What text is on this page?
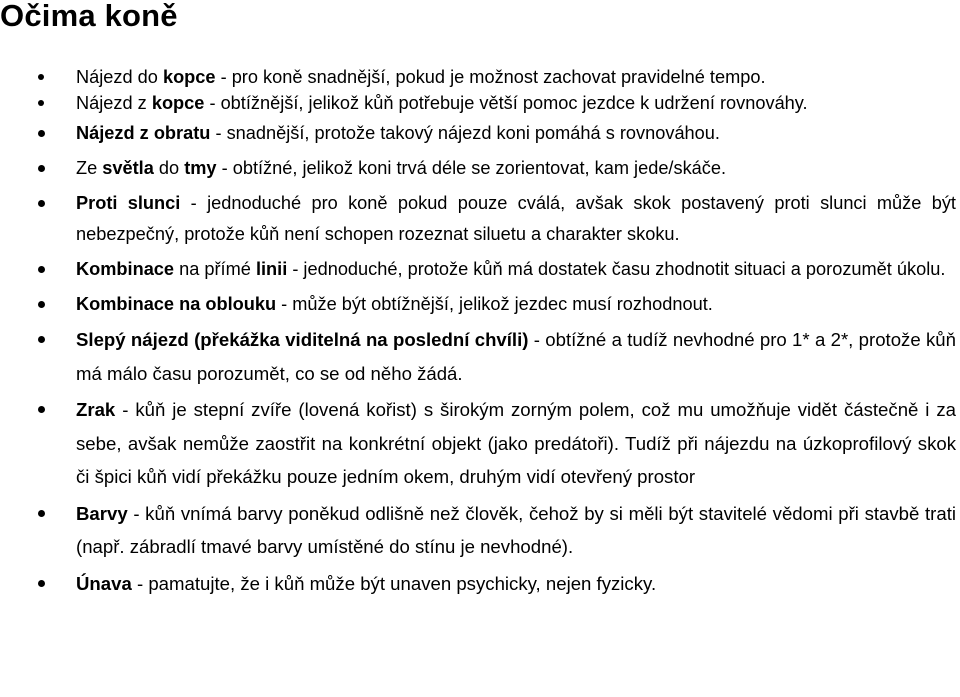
Očima koně
Nájezd do kopce - pro koně snadnější, pokud je možnost zachovat pravidelné tempo.
Nájezd z kopce - obtížnější, jelikož kůň potřebuje větší pomoc jezdce k udržení rovnováhy.
Nájezd z obratu - snadnější, protože takový nájezd koni pomáhá s rovnováhou.
Ze světla do tmy - obtížné, jelikož koni trvá déle se zorientovat, kam jede/skáče.
Proti slunci - jednoduché pro koně pokud pouze cválá, avšak skok postavený proti slunci může být nebezpečný, protože kůň není schopen rozeznat siluetu a charakter skoku.
Kombinace na přímé linii - jednoduché, protože kůň má dostatek času zhodnotit situaci a porozumět úkolu.
Kombinace na oblouku - může být obtížnější, jelikož jezdec musí rozhodnout.
Slepý nájezd (překážka viditelná na poslední chvíli) - obtížné a tudíž nevhodné pro 1* a 2*, protože kůň má málo času porozumět, co se od něho žádá.
Zrak - kůň je stepní zvíře (lovená kořist) s širokým zorným polem, což mu umožňuje vidět částečně i za sebe, avšak nemůže zaostřit na konkrétní objekt (jako predátoři). Tudíž při nájezdu na úzkoprofilový skok či špici kůň vidí překážku pouze jedním okem, druhým vidí otevřený prostor
Barvy - kůň vnímá barvy poněkud odlišně než člověk, čehož by si měli být stavitelé vědomi při stavbě trati (např. zábradlí tmavé barvy umístěné do stínu je nevhodné).
Únava - pamatujte, že i kůň může být unaven psychicky, nejen fyzicky.
